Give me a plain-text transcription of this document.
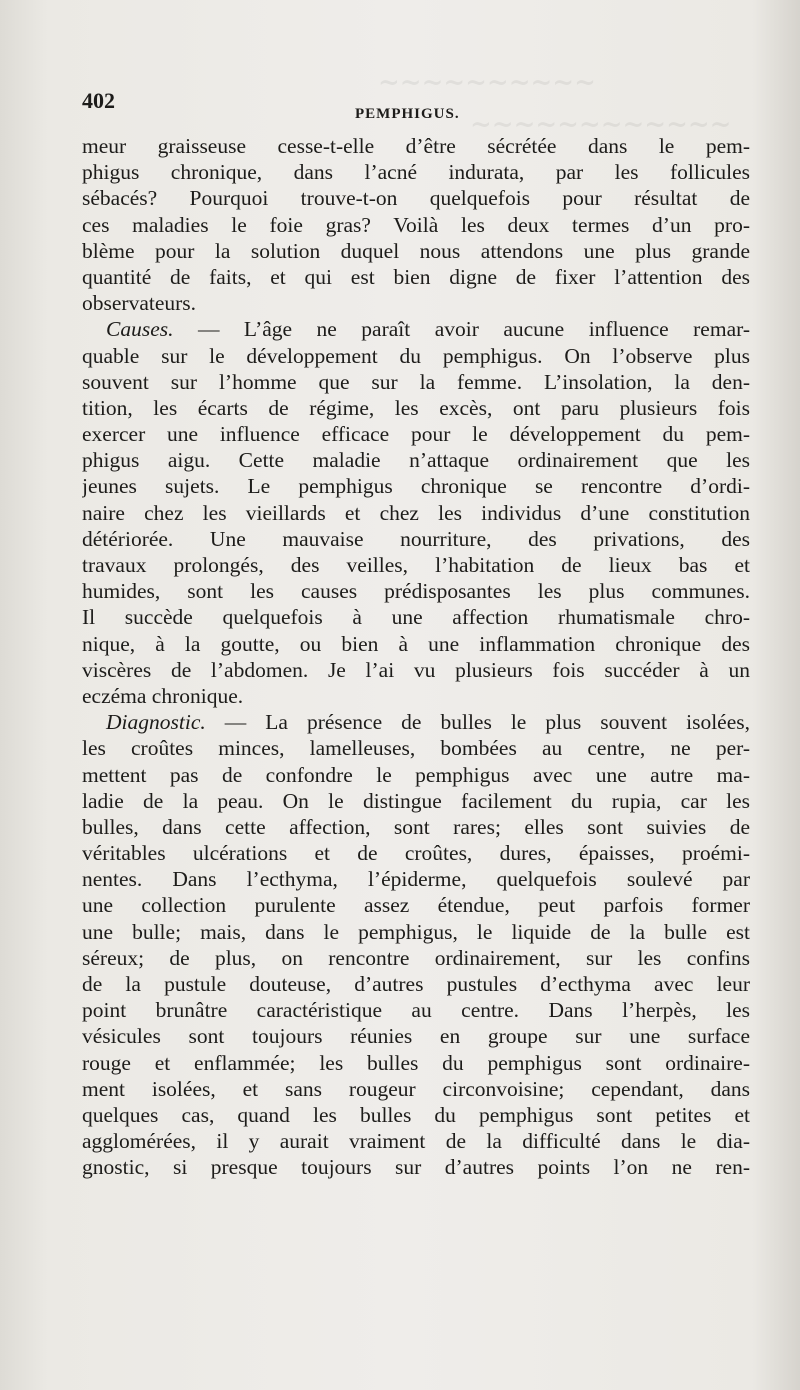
~~~~~~~~~~
~~~~~~~~~~~~
402
PEMPHIGUS.
meur graisseuse cesse-t-elle d’être sécrétée dans le pem-
phigus chronique, dans l’acné indurata, par les follicules
sébacés? Pourquoi trouve-t-on quelquefois pour résultat de
ces maladies le foie gras? Voilà les deux termes d’un pro-
blème pour la solution duquel nous attendons une plus grande
quantité de faits, et qui est bien digne de fixer l’attention des
observateurs.
Causes. — L’âge ne paraît avoir aucune influence remar-
quable sur le développement du pemphigus. On l’observe plus
souvent sur l’homme que sur la femme. L’insolation, la den-
tition, les écarts de régime, les excès, ont paru plusieurs fois
exercer une influence efficace pour le développement du pem-
phigus aigu. Cette maladie n’attaque ordinairement que les
jeunes sujets. Le pemphigus chronique se rencontre d’ordi-
naire chez les vieillards et chez les individus d’une constitution
détériorée. Une mauvaise nourriture, des privations, des
travaux prolongés, des veilles, l’habitation de lieux bas et
humides, sont les causes prédisposantes les plus communes.
Il succède quelquefois à une affection rhumatismale chro-
nique, à la goutte, ou bien à une inflammation chronique des
viscères de l’abdomen. Je l’ai vu plusieurs fois succéder à un
eczéma chronique.
Diagnostic. — La présence de bulles le plus souvent isolées,
les croûtes minces, lamelleuses, bombées au centre, ne per-
mettent pas de confondre le pemphigus avec une autre ma-
ladie de la peau. On le distingue facilement du rupia, car les
bulles, dans cette affection, sont rares; elles sont suivies de
véritables ulcérations et de croûtes, dures, épaisses, proémi-
nentes. Dans l’ecthyma, l’épiderme, quelquefois soulevé par
une collection purulente assez étendue, peut parfois former
une bulle; mais, dans le pemphigus, le liquide de la bulle est
séreux; de plus, on rencontre ordinairement, sur les confins
de la pustule douteuse, d’autres pustules d’ecthyma avec leur
point brunâtre caractéristique au centre. Dans l’herpès, les
vésicules sont toujours réunies en groupe sur une surface
rouge et enflammée; les bulles du pemphigus sont ordinaire-
ment isolées, et sans rougeur circonvoisine; cependant, dans
quelques cas, quand les bulles du pemphigus sont petites et
agglomérées, il y aurait vraiment de la difficulté dans le dia-
gnostic, si presque toujours sur d’autres points l’on ne ren-
